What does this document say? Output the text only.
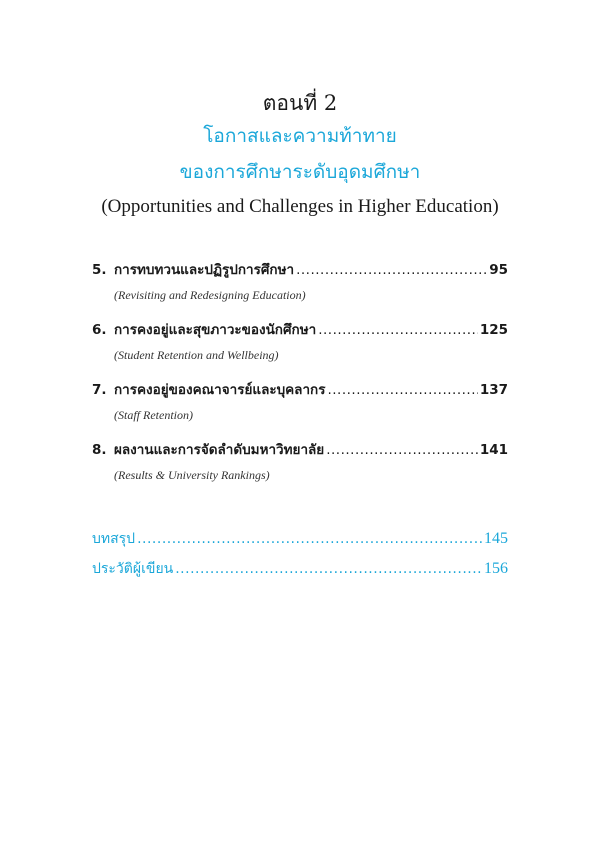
ตอนที่ 2
โอกาสและความท้าทาย
ของการศึกษาระดับอุดมศึกษา
(Opportunities and Challenges in Higher Education)
5. การทบทวนและปฏิรูปการศึกษา .....	95
(Revisiting and Redesigning Education)
6. การคงอยู่และสุขภาวะของนักศึกษา .....	125
(Student Retention and Wellbeing)
7. การคงอยู่ของคณาจารย์และบุคลากร .....	137
(Staff Retention)
8. ผลงานและการจัดลำดับมหาวิทยาลัย .....	141
(Results & University Rankings)
บทสรุป .....	145
ประวัติผู้เขียน .....	156
